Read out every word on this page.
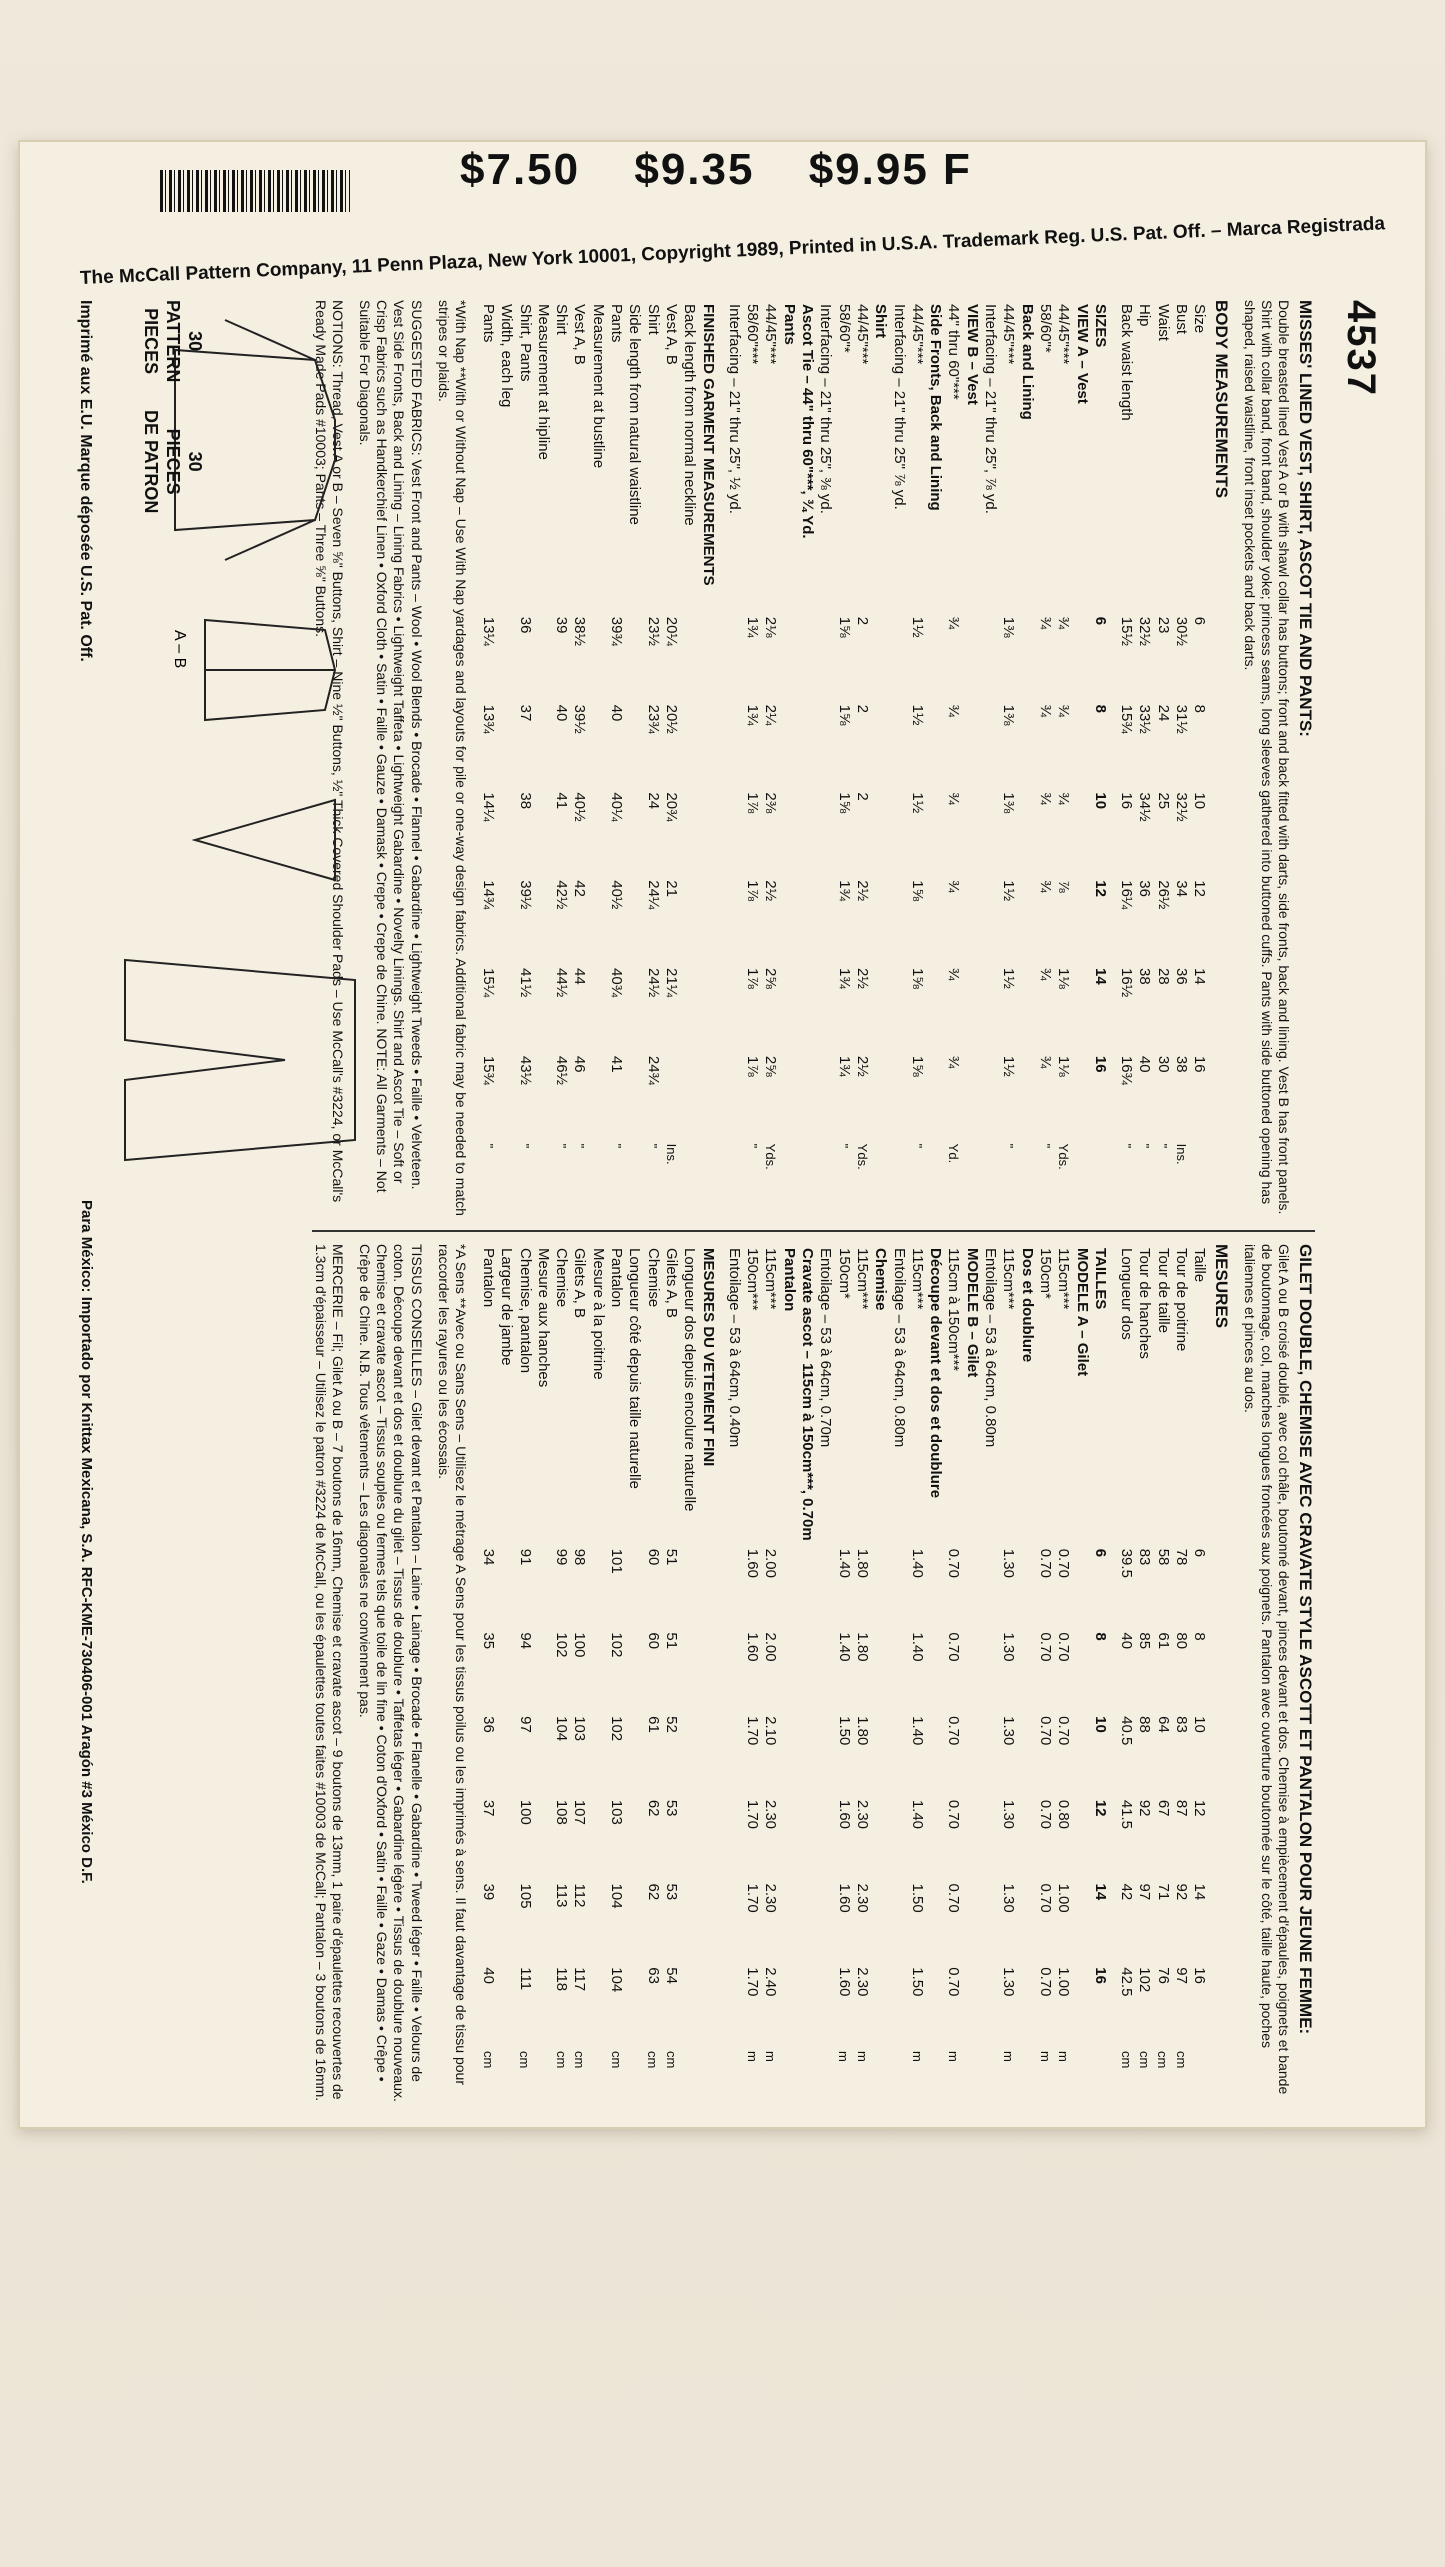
$7.50 $9.35 $9.95 F
The McCall Pattern Company, 11 Penn Plaza, New York 10001, Copyright 1989, Printed in U.S.A. Trademark Reg. U.S. Pat. Off. – Marca Registrada
4537
MISSES' LINED VEST, SHIRT, ASCOT TIE AND PANTS:
Double breasted lined Vest A or B with shawl collar has buttons; front and back fitted with darts, side fronts, back and lining. Vest B has front panels. Shirt with collar band, front band, shoulder yoke; princess seams, long sleeves gathered into buttoned cuffs. Pants with side buttoned opening has shaped, raised waistline, front inset pockets and back darts.
BODY MEASUREMENTS
Size	6	8	10	12	14	16	
Bust	30½	31½	32½	34	36	38	Ins.
Waist	23	24	25	26½	28	30	"
Hip	32½	33½	34½	36	38	40	"
Back waist length	15½	15¾	16	16¼	16½	16¾	"
SIZES	6	8	10	12	14	16	
VIEW A – Vest							
44/45"***	¾	¾	¾	⅞	1⅛	1⅛	Yds.
58/60"*	¾	¾	¾	¾	¾	¾	"
Back and Lining							
44/45"***	1⅜	1⅜	1⅜	1½	1½	1½	"
Interfacing – 21" thru 25", ⅞ yd.							
VIEW B – Vest							
44" thru 60"***	¾	¾	¾	¾	¾	¾	Yd.
Side Fronts, Back and Lining							
44/45"***	1½	1½	1½	1⅝	1⅝	1⅝	"
Interfacing – 21" thru 25" ⅞ yd.							
Shirt							
44/45"***	2	2	2	2½	2½	2½	Yds.
58/60"*	1⅝	1⅝	1⅝	1¾	1¾	1¾	"
Interfacing – 21" thru 25", ⅜ yd.							
Ascot Tie – 44" thru 60"***, ¾ Yd.							
Pants							
44/45"***	2⅛	2¼	2⅜	2½	2⅝	2⅝	Yds.
58/60"***	1¾	1¾	1⅞	1⅞	1⅞	1⅞	"
Interfacing – 21" thru 25", ½ yd.							
FINISHED GARMENT MEASUREMENTS							
Back length from normal neckline							
Vest A, B	20¼	20½	20¾	21	21¼		Ins.
Shirt	23½	23¾	24	24¼	24½	24¾	"
Side length from natural waistline							
Pants	39¾	40	40¼	40½	40¾	41	"
Measurement at bustline							
Vest A, B	38½	39½	40½	42	44	46	"
Shirt	39	40	41	42½	44½	46½	"
Measurement at hipline							
Shirt, Pants	36	37	38	39½	41½	43½	"
Width, each leg							
Pants	13¼	13¾	14¼	14¾	15¼	15¾	"
*With Nap **With or Without Nap – Use With Nap yardages and layouts for pile or one-way design fabrics. Additional fabric may be needed to match stripes or plaids.
SUGGESTED FABRICS: Vest Front and Pants – Wool • Wool Blends • Brocade • Flannel • Gabardine • Lightweight Tweeds • Faille • Velveteen. Vest Side Fronts, Back and Lining – Lining Fabrics • Lightweight Taffeta • Lightweight Gabardine • Novelty Linings. Shirt and Ascot Tie – Soft or Crisp Fabrics such as Handkerchief Linen • Oxford Cloth • Satin • Faille • Gauze • Damask • Crepe • Crepe de Chine. NOTE: All Garments – Not Suitable For Diagonals.
NOTIONS: Thread, Vest A or B – Seven ⅝" Buttons, Shirt – Nine ½" Buttons, ½" Thick Covered Shoulder Pads – Use McCall's #3224, or McCall's Ready Made Pads #10003; Pants – Three ⅝" Buttons.
GILET DOUBLE, CHEMISE AVEC CRAVATE STYLE ASCOTT ET PANTALON POUR JEUNE FEMME:
Gilet A ou B croisé doublé, avec col châle, boutonné devant, pinces devant et dos. Chemise à empiècement d'épaules, poignets et bande de boutonnage, col, manches longues froncées aux poignets. Pantalon avec ouverture boutonnée sur le côté, taille haute, poches italiennes et pinces au dos.
MESURES
Taille	6	8	10	12	14	16	
Tour de poitrine	78	80	83	87	92	97	cm
Tour de taille	58	61	64	67	71	76	cm
Tour de hanches	83	85	88	92	97	102	cm
Longueur dos	39.5	40	40.5	41.5	42	42.5	cm
TAILLES	6	8	10	12	14	16	
MODELE A – Gilet							
115cm***	0.70	0.70	0.70	0.80	1.00	1.00	m
150cm*	0.70	0.70	0.70	0.70	0.70	0.70	m
Dos et doublure							
115cm***	1.30	1.30	1.30	1.30	1.30	1.30	m
Entoilage – 53 à 64cm, 0.80m							
MODELE B – Gilet							
115cm à 150cm***	0.70	0.70	0.70	0.70	0.70	0.70	m
Découpe devant et dos et doublure							
115cm***	1.40	1.40	1.40	1.40	1.50	1.50	m
Entoilage – 53 à 64cm, 0.80m							
Chemise							
115cm***	1.80	1.80	1.80	2.30	2.30	2.30	m
150cm*	1.40	1.40	1.50	1.60	1.60	1.60	m
Entoilage – 53 à 64cm, 0.70m							
Cravate ascot – 115cm à 150cm***, 0.70m							
Pantalon							
115cm***	2.00	2.00	2.10	2.30	2.30	2.40	m
150cm***	1.60	1.60	1.70	1.70	1.70	1.70	m
Entoilage – 53 à 64cm, 0.40m							
MESURES DU VETEMENT FINI							
Longueur dos depuis encolure naturelle							
Gilets A, B	51	51	52	53	53	54	cm
Chemise	60	60	61	62	62	63	cm
Longueur côté depuis taille naturelle							
Pantalon	101	102	102	103	104	104	cm
Mesure à la poitrine							
Gilets A, B	98	100	103	107	112	117	cm
Chemise	99	102	104	108	113	118	cm
Mesure aux hanches							
Chemise, pantalon	91	94	97	100	105	111	cm
Largeur de jambe							
Pantalon	34	35	36	37	39	40	cm
*A Sens **Avec ou Sans Sens – Utilisez le métrage A Sens pour les tissus poilus ou les imprimés à sens. Il faut davantage de tissu pour raccorder les rayures ou les écossais.
TISSUS CONSEILLES – Gilet devant et Pantalon – Laine • Lainage • Brocade • Flanelle • Gabardine • Tweed léger • Faille • Velours de coton. Découpe devant et dos et doublure du gilet – Tissus de doublure • Taffetas léger • Gabardine légère • Tissus de doublure nouveaux. Chemise et cravate ascot – Tissus souples ou fermes tels que toile de lin fine • Coton d'Oxford • Satin • Faille • Gaze • Damas • Crêpe • Crêpe de Chine. N.B. Tous vêtements – Les diagonales ne conviennent pas.
MERCERIE – Fil; Gilet A ou B – 7 boutons de 16mm, Chemise et cravate ascot – 9 boutons de 13mm, 1 paire d'épaulettes recouvertes de 1.3cm d'épaisseur – Utilisez le patron #3224 de McCall, ou les épaulettes toutes faites #10003 de McCall; Pantalon – 3 boutons de 16mm.
A – B
30
PATTERN
PIECES
30
PIECES
DE PATRON
Imprimé aux E.U. Marque déposée U.S. Pat. Off.
Para México: Importado por Knittax Mexicana, S.A. RFC-KME-730406-001 Aragón #3 México D.F.
